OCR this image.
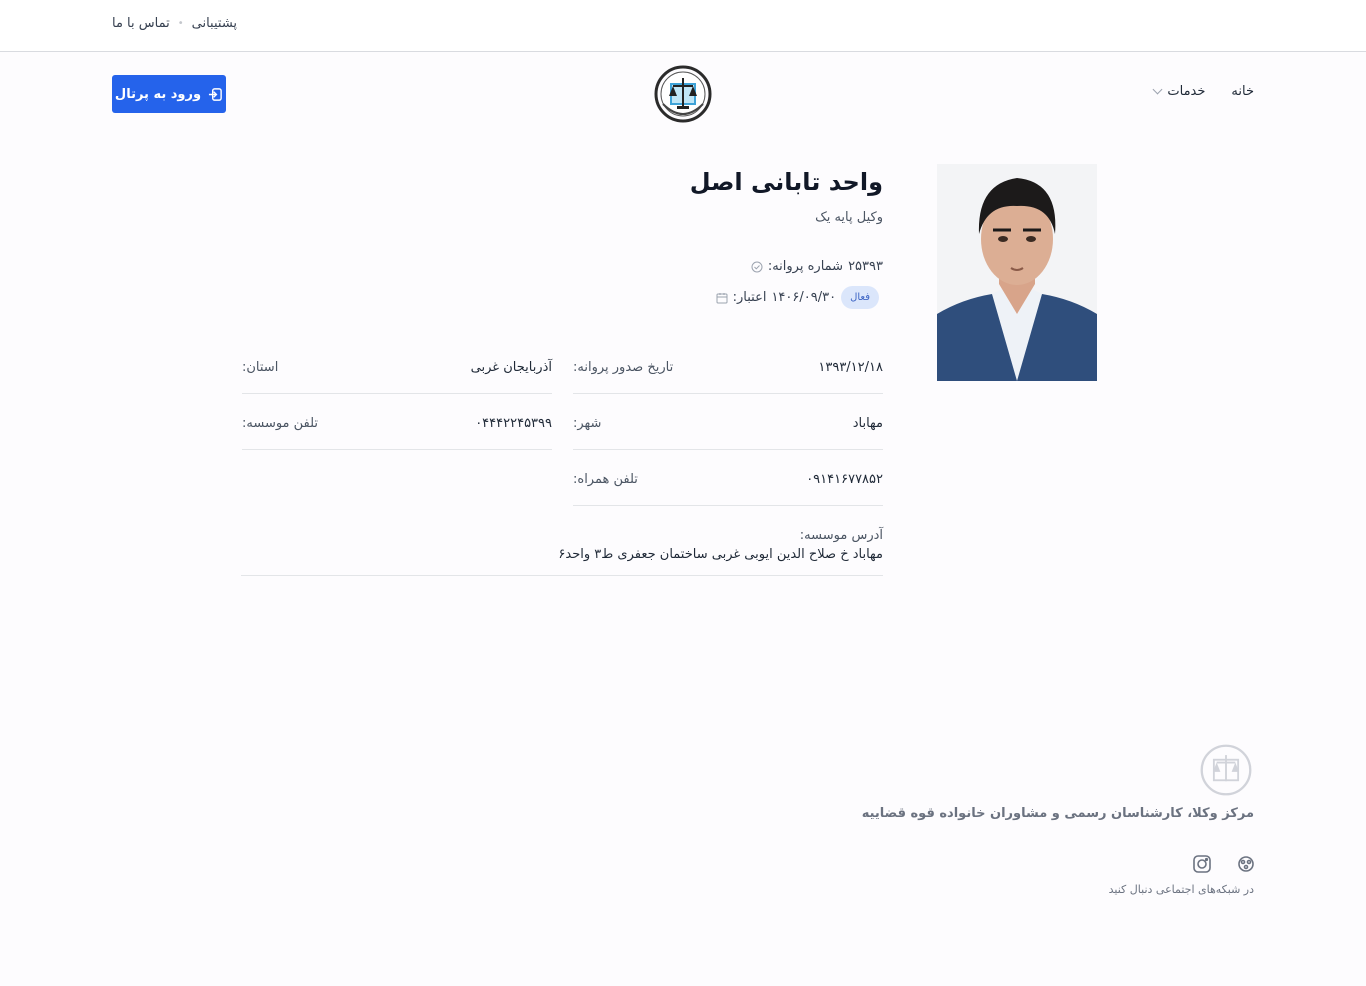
پشتیبانی
•
تماس با ما
خانه
خدمات
ورود به پرتال
واحد تابانی اصل
وکیل پایه یک
شماره پروانه: ۲۵۳۹۳
اعتبار: ۱۴۰۶/۰۹/۳۰	فعال
تاریخ صدور پروانه:	۱۳۹۳/۱۲/۱۸
استان:	آذربایجان غربی
شهر:	مهاباد
تلفن موسسه:	۰۴۴۴۲۲۴۵۳۹۹
تلفن همراه:	۰۹۱۴۱۶۷۷۸۵۲
آدرس موسسه:
مهاباد خ صلاح الدین ایوبی غربی ساختمان جعفری ط۳ واحد۶
مرکز وکلا، کارشناسان رسمی و مشاوران خانواده قوه قضاییه
در شبکه‌های اجتماعی دنبال کنید
